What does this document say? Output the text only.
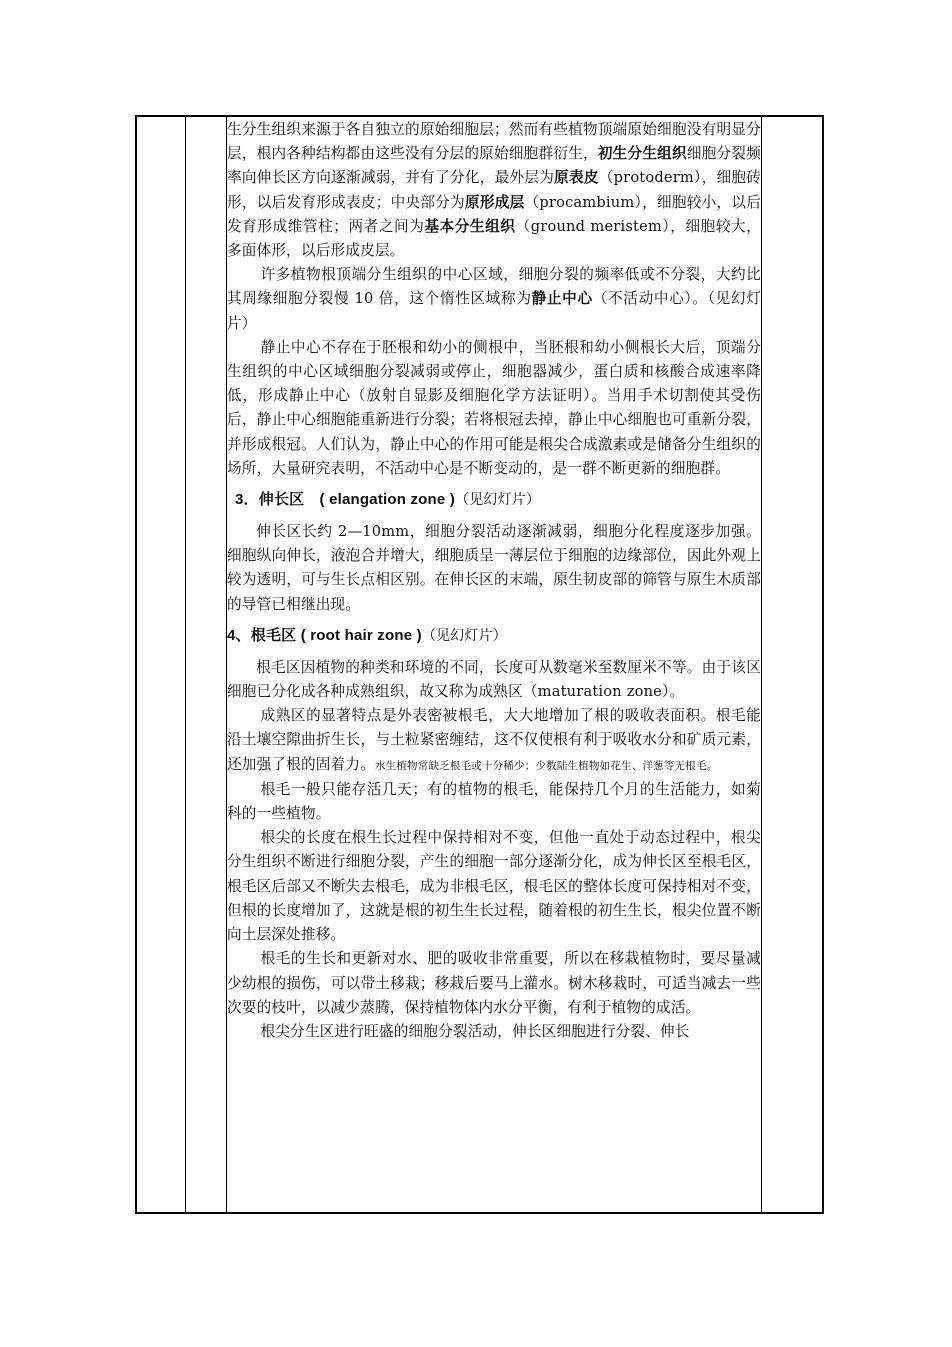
生分生组织来源于各自独立的原始细胞层；然而有些植物顶端原始细胞没有明显分层，根内各种结构都由这些没有分层的原始细胞群衍生，初生分生组织细胞分裂频率向伸长区方向逐渐减弱，并有了分化，最外层为原表皮（protoderm），细胞砖形，以后发育形成表皮；中央部分为原形成层（procambium），细胞较小，以后发育形成维管柱；两者之间为基本分生组织（ground meristem），细胞较大，多面体形，以后形成皮层。

许多植物根顶端分生组织的中心区域，细胞分裂的频率低或不分裂，大约比其周缘细胞分裂慢 10 倍，这个惰性区域称为静止中心（不活动中心）。（见幻灯片）

静止中心不存在于胚根和幼小的侧根中，当胚根和幼小侧根长大后，顶端分生组织的中心区域细胞分裂减弱或停止，细胞器减少，蛋白质和核酸合成速率降低，形成静止中心（放射自显影及细胞化学方法证明）。当用手术切割使其受伤后，静止中心细胞能重新进行分裂；若将根冠去掉，静止中心细胞也可重新分裂，并形成根冠。人们认为，静止中心的作用可能是根尖合成激素或是储备分生组织的场所，大量研究表明，不活动中心是不断变动的，是一群不断更新的细胞群。

3．伸长区　( elangation zone )（见幻灯片）

伸长区长约 2—10mm，细胞分裂活动逐渐减弱，细胞分化程度逐步加强。细胞纵向伸长，液泡合并增大，细胞质呈一薄层位于细胞的边缘部位，因此外观上较为透明，可与生长点相区别。在伸长区的末端，原生韧皮部的筛管与原生木质部的导管已相继出现。

4、根毛区 ( root hair zone )（见幻灯片）

根毛区因植物的种类和环境的不同，长度可从数毫米至数厘米不等。由于该区细胞已分化成各种成熟组织，故又称为成熟区（maturation zone）。

成熟区的显著特点是外表密被根毛，大大地增加了根的吸收表面积。根毛能沿土壤空隙曲折生长，与土粒紧密缠结，这不仅使根有利于吸收水分和矿质元素，还加强了根的固着力。水生植物常缺乏根毛或十分稀少；少数陆生植物如花生、洋葱等无根毛。

根毛一般只能存活几天；有的植物的根毛，能保持几个月的生活能力，如菊科的一些植物。

根尖的长度在根生长过程中保持相对不变，但他一直处于动态过程中，根尖分生组织不断进行细胞分裂，产生的细胞一部分逐渐分化，成为伸长区至根毛区，根毛区后部又不断失去根毛，成为非根毛区，根毛区的整体长度可保持相对不变，但根的长度增加了，这就是根的初生生长过程，随着根的初生生长，根尖位置不断向土层深处推移。

根毛的生长和更新对水、肥的吸收非常重要，所以在移栽植物时，要尽量减少幼根的损伤，可以带土移栽；移栽后要马上灌水。树木移栽时，可适当减去一些次要的枝叶，以减少蒸腾，保持植物体内水分平衡，有利于植物的成活。

根尖分生区进行旺盛的细胞分裂活动，伸长区细胞进行分裂、伸长
